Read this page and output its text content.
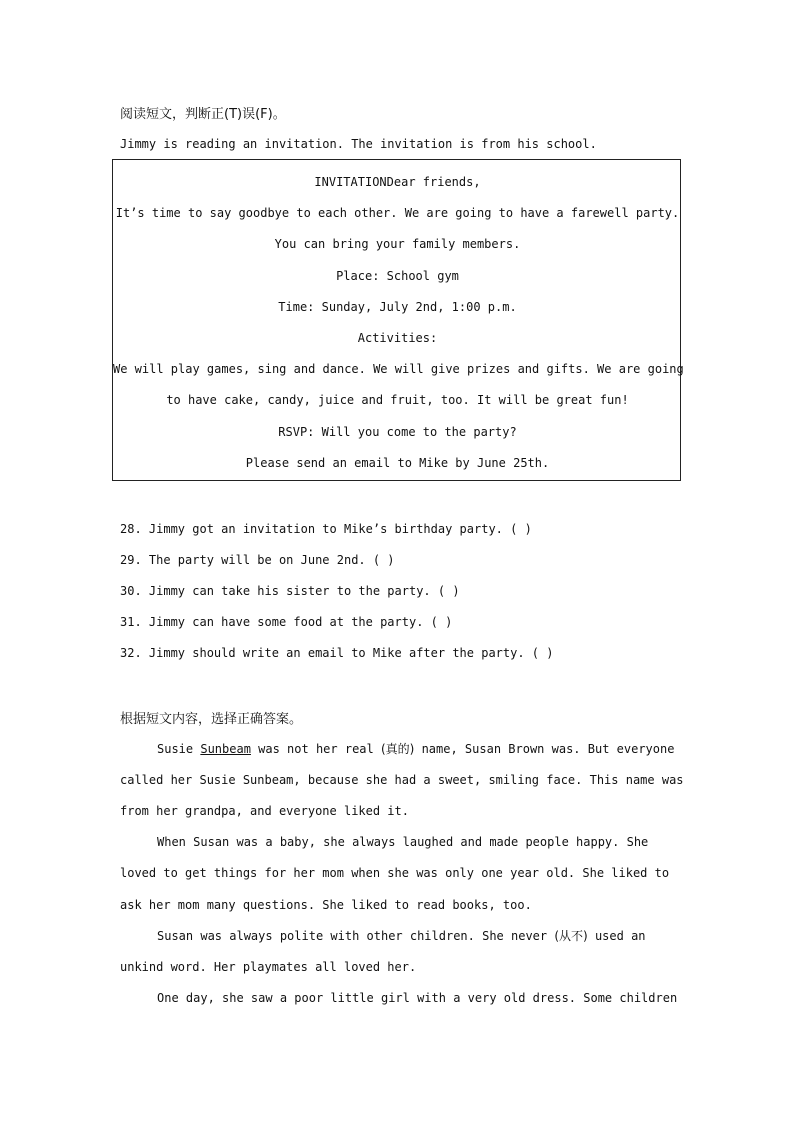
阅读短文，判断正(T)误(F)。
Jimmy is reading an invitation. The invitation is from his school.
INVITATIONDear friends,
It’s time to say goodbye to each other. We are going to have a farewell party.
You can bring your family members.
Place: School gym
Time: Sunday, July 2nd, 1:00 p.m.
Activities:
We will play games, sing and dance. We will give prizes and gifts. We are going
to have cake, candy, juice and fruit, too. It will be great fun!
RSVP: Will you come to the party?
Please send an email to Mike by June 25th.
28. Jimmy got an invitation to Mike’s birthday party. ( )
29. The party will be on June 2nd. ( )
30. Jimmy can take his sister to the party. ( )
31. Jimmy can have some food at the party. ( )
32. Jimmy should write an email to Mike after the party. ( )
根据短文内容，选择正确答案。
Susie Sunbeam was not her real (真的) name, Susan Brown was. But everyone
called her Susie Sunbeam, because she had a sweet, smiling face. This name was
from her grandpa, and everyone liked it.
When Susan was a baby, she always laughed and made people happy. She
loved to get things for her mom when she was only one year old. She liked to
ask her mom many questions. She liked to read books, too.
Susan was always polite with other children. She never (从不) used an
unkind word. Her playmates all loved her.
One day, she saw a poor little girl with a very old dress. Some children
